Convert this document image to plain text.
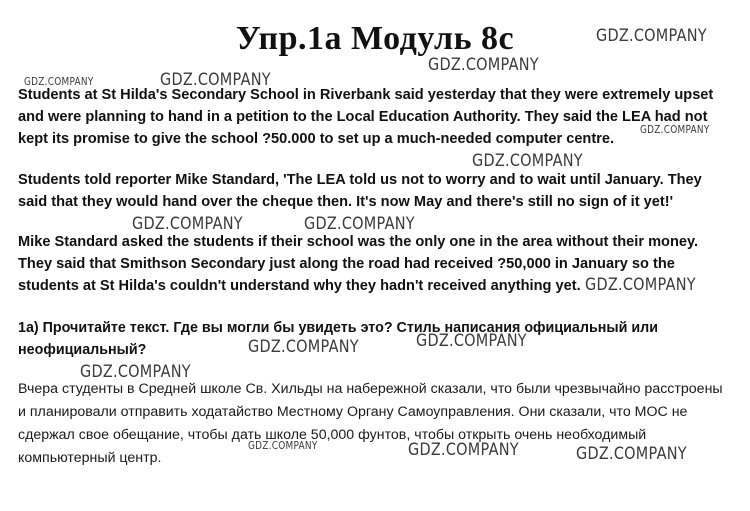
Упр.1а Модуль 8с

Students at St Hilda's Secondary School in Riverbank said yesterday that they were extremely upset and were planning to hand in a petition to the Local Education Authority. They said the LEA had not kept its promise to give the school ?50.000 to set up a much-needed computer centre.

Students told reporter Mike Standard, 'The LEA told us not to worry and to wait until January. They said that they would hand over the cheque then. It's now May and there's still no sign of it yet!'

Mike Standard asked the students if their school was the only one in the area without their money. They said that Smithson Secondary just along the road had received ?50,000 in January so the students at St Hilda's couldn't understand why they hadn't received anything yet.

1a) Прочитайте текст. Где вы могли бы увидеть это? Стиль написания официальный или неофициальный?

Вчера студенты в Средней школе Св. Хильды на набережной сказали, что были чрезвычайно расстроены и планировали отправить ходатайство Местному Органу Самоуправления. Они сказали, что МОС не сдержал свое обещание, чтобы дать школе 50,000 фунтов, чтобы открыть очень необходимый компьютерный центр.

GDZ.COMPANY
GDZ.COMPANY
GDZ.COMPANY	GDZ.COMPANY
GDZ.COMPANY
GDZ.COMPANY
GDZ.COMPANY	GDZ.COMPANY
GDZ.COMPANY
GDZ.COMPANY
GDZ.COMPANY
GDZ.COMPANY
GDZ.COMPANY	GDZ.COMPANY	GDZ.COMPANY
